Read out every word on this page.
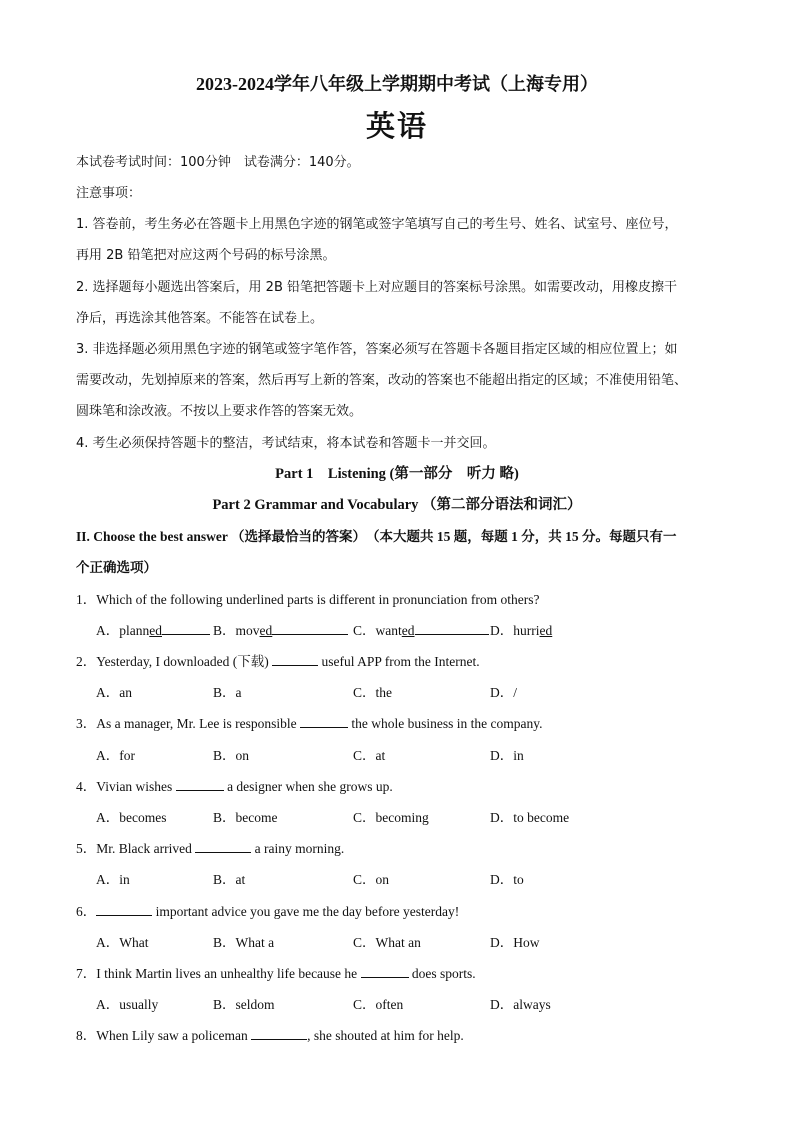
2023-2024学年八年级上学期期中考试（上海专用）
英语
本试卷考试时间：100分钟　试卷满分：140分。
注意事项：
1. 答卷前，考生务必在答题卡上用黑色字迹的钢笔或签字笔填写自己的考生号、姓名、试室号、座位号，
再用 2B 铅笔把对应这两个号码的标号涂黑。
2. 选择题每小题选出答案后，用 2B 铅笔把答题卡上对应题目的答案标号涂黑。如需要改动，用橡皮擦干
净后，再选涂其他答案。不能答在试卷上。
3. 非选择题必须用黑色字迹的钢笔或签字笔作答，答案必须写在答题卡各题目指定区域的相应位置上；如
需要改动，先划掉原来的答案，然后再写上新的答案，改动的答案也不能超出指定的区域；不准使用铅笔、
圆珠笔和涂改液。不按以上要求作答的答案无效。
4. 考生必须保持答题卡的整洁，考试结束，将本试卷和答题卡一并交回。
Part 1　Listening (第一部分　听力 略)
Part 2 Grammar and Vocabulary （第二部分语法和词汇）
II. Choose the best answer （选择最恰当的答案）　（本大题共 15 题，每题 1 分，共 15 分。每题只有一
个正确选项）
1．Which of the following underlined parts is different in pronunciation from others?
A．planned	B．moved	C．wanted	D．hurried
2．Yesterday, I downloaded (下载)	useful APP from the Internet.
A．an	B．a	C．the	D．/
3．As a manager, Mr. Lee is responsible	the whole business in the company.
A．for	B．on	C．at	D．in
4．Vivian wishes	a designer when she grows up.
A．becomes	B．become	C．becoming	D．to become
5．Mr. Black arrived	a rainy morning.
A．in	B．at	C．on	D．to
6．	important advice you gave me the day before yesterday!
A．What	B．What a	C．What an	D．How
7．I think Martin lives an unhealthy life because he	does sports.
A．usually	B．seldom	C．often	D．always
8．When Lily saw a policeman	, she shouted at him for help.
